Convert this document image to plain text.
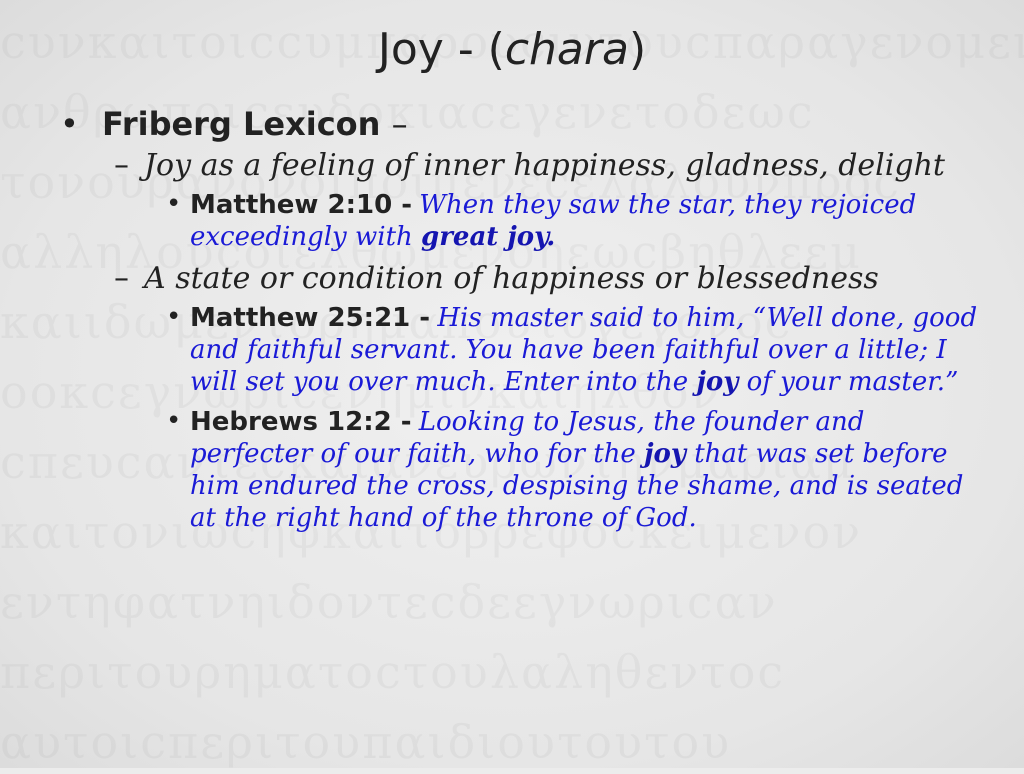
Joy - (chara)
• Friberg Lexicon –
– Joy as a feeling of inner happiness, gladness, delight
• Matthew 2:10 - When they saw the star, they rejoiced exceedingly with great joy.
– A state or condition of happiness or blessedness
• Matthew 25:21 - His master said to him, “Well done, good and faithful servant. You have been faithful over a little; I will set you over much. Enter into the joy of your master.”
• Hebrews 12:2 - Looking to Jesus, the founder and perfecter of our faith, who for the joy that was set before him endured the cross, despising the shame, and is seated at the right hand of the throne of God.
